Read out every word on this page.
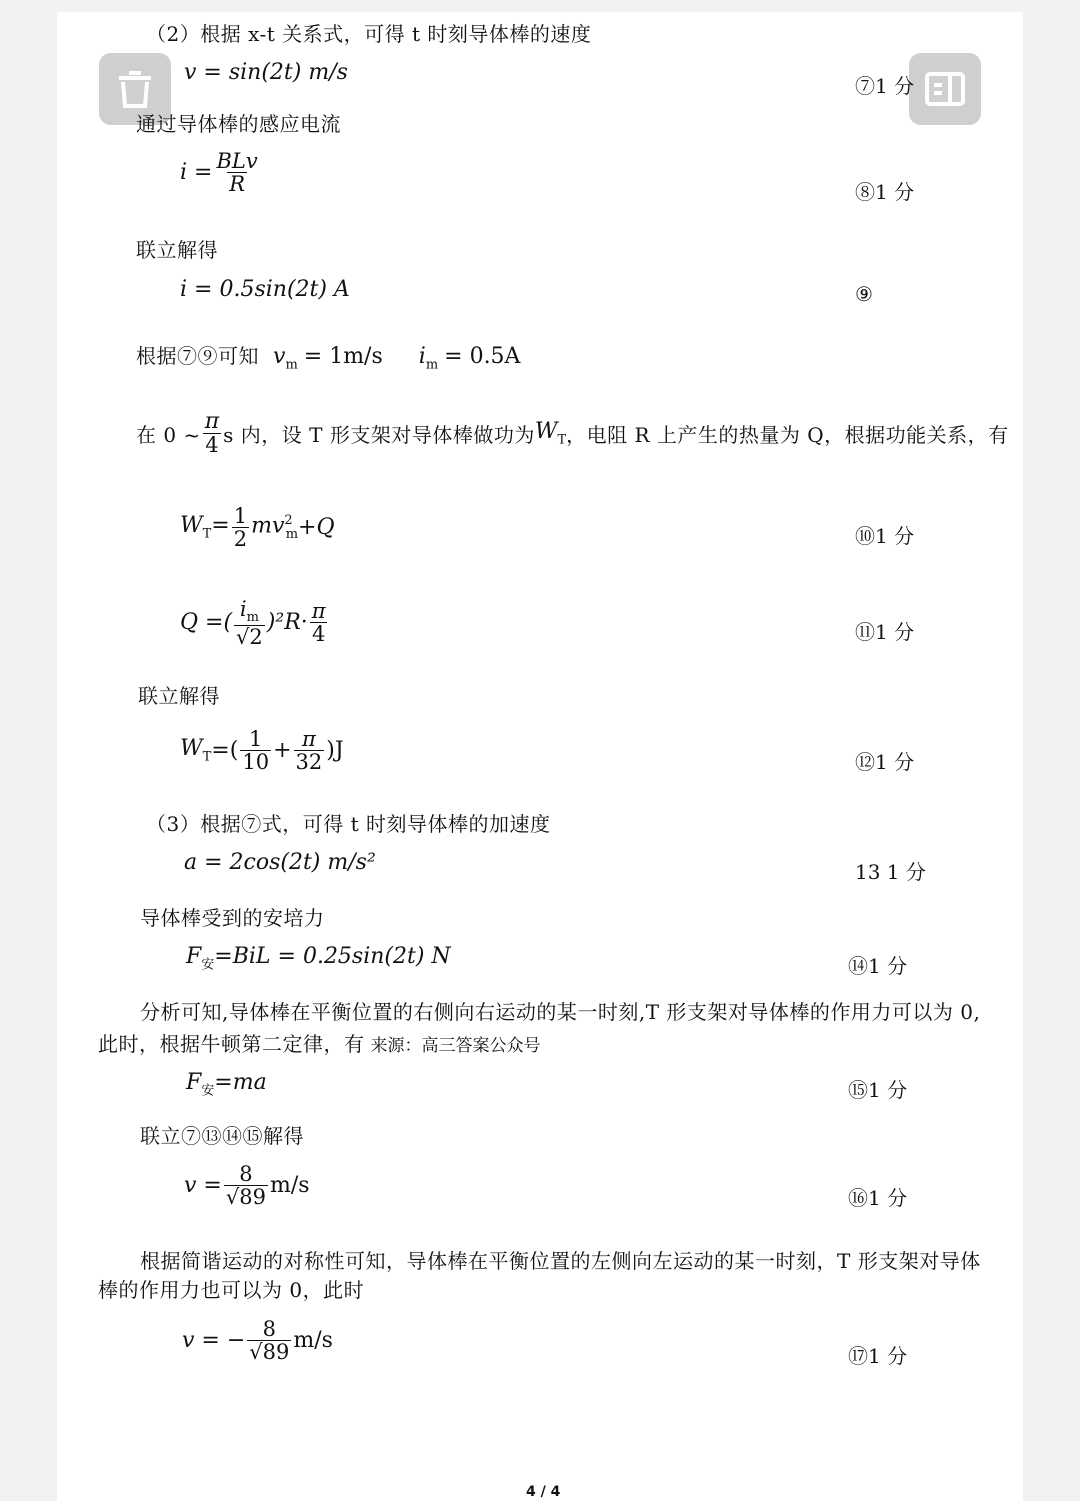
（2）根据 x-t 关系式，可得 t 时刻导体棒的速度
v = sin(2t) m/s
⑦1 分
通过导体棒的感应电流
$i = \frac{\text{BLv}}{R}$	⑧1 分
联立解得
i = 0.5sin(2t) A	⑨
根据⑦⑨可知 $v_m = 1m/s$ $i_m = 0.5A$
在 0 ~ $\frac{\pi}{4}$ s 内，设 T 形支架对导体棒做功为 $W_T$ ，电阻 R 上产生的热量为 Q，根据功能关系，有
$W_T= \frac{1}{2} mv^2_m +Q$	⑩1 分
Q =( $\frac{i_m}{√2} )^2R\cdot \frac{\pi}{4}$	⑪1 分
联立解得
$W_T$ =( $\frac{1}{10} + \frac{\pi}{32} )J$	⑫1 分
（3）根据⑦式，可得 t 时刻导体棒的加速度
a = 2cos(2t) m/s²	13 1 分
导体棒受到的安培力
$F_安 =BiL = 0.25\sin(2t)$ N	⑭1 分
分析可知,导体棒在平衡位置的右侧向右运动的某一时刻,T 形支架对导体棒的作用力可以为 0,
此时，根据牛顿第二定律，有 来源：高三答案公众号
$F_安 =ma$	⑮1 分
联立⑦⑬⑭⑮解得
$v = \frac{8}{√89} m/s$	⑯1 分
根据简谐运动的对称性可知，导体棒在平衡位置的左侧向左运动的某一时刻，T 形支架对导体
棒的作用力也可以为 0，此时
v = − $\frac{8}{√89} m/s$
⑰1 分
4 / 4
